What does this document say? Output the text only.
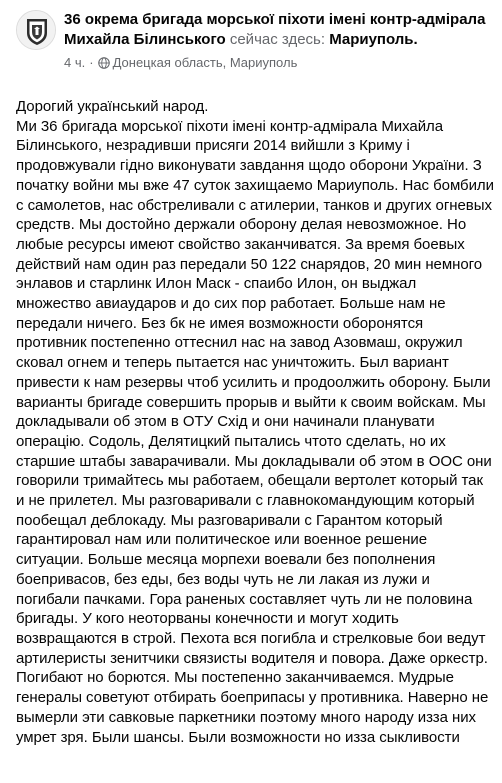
36 окрема бригада морської піхоти імені контр-адмірала Михайла Білинського сейчас здесь: Мариуполь.
4 ч. · Донецкая область, Мариуполь

Дорогий український народ.

Ми 36 бригада морської піхоти імені контр-адмірала Михайла Білинського, незрадивши присяги 2014 вийшли з Криму і продовжували гідно виконувати завдання щодо оборони України. З початку войни мы вже 47 суток захищаемо Мариуполь. Нас бомбили с самолетов, нас обстреливали с атилерии, танков и других огневых средств. Мы достойно держали оборону делая невозможное. Но любые ресурсы имеют свойство заканчиватся. За время боевых действий нам один раз передали 50 122 снарядов, 20 мин немного энлавов и старлинк Илон Маск - спаибо Илон, он выджал множество авиаударов и до сих пор работает. Больше нам не передали ничего. Без бк не имея возможности оборонятся противник постепенно оттеснил нас на завод Азовмаш, окружил сковал огнем и теперь пытается нас уничтожить. Был вариант привести к нам резервы чтоб усилить и продоолжить оборону. Были варианты бригаде совершить прорыв и выйти к своим войскам. Мы докладывали об этом в ОТУ Схід и они начинали планувати операцію. Содоль, Делятицкий пытались чтото сделать, но их старшие штабы заварачивали. Мы докладывали об этом в ООС они говорили тримайтесь мы работаем, обещали вертолет который так и не прилетел. Мы разговаривали с главнокомандующим который пообещал деблокаду. Мы разговаривали с Гарантом который гарантировал нам или политическое или военное решение ситуации. Больше месяца морпехи воевали без пополнения боепривасов, без еды, без воды чуть не ли лакая из лужи и погибали пачками. Гора раненых составляет чуть ли не половина бригады. У кого неоторваны конечности и могут ходить возвращаются в строй. Пехота вся погибла и стрелковые бои ведут артилеристы зенитчики связисты водителя и повора. Даже оркестр. Погибают но борются. Мы постепенно заканчиваемся. Мудрые генералы советуют отбирать боеприпасы у противника. Наверно не вымерли эти савковые паркетники поэтому много народу изза них умрет зря. Были шансы. Были возможности но изза сыкливости
